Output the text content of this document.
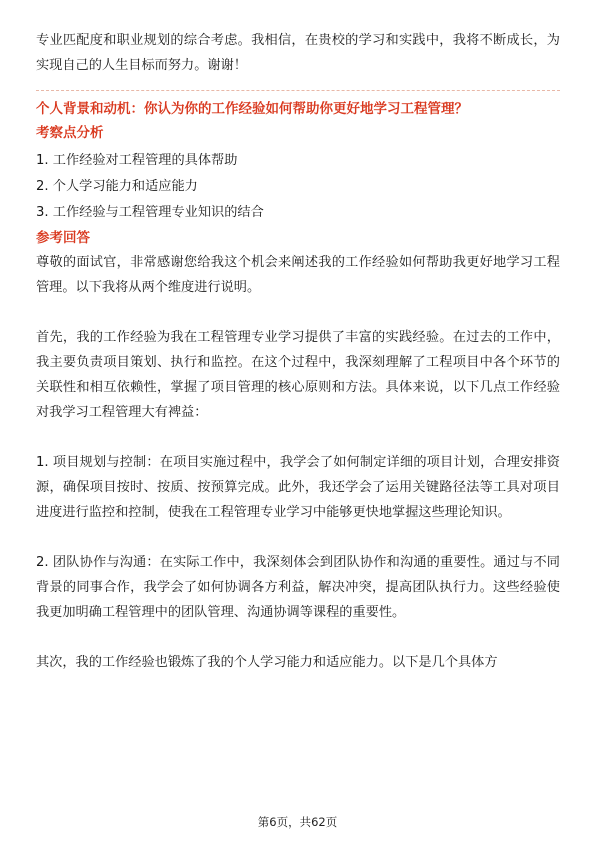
专业匹配度和职业规划的综合考虑。我相信，在贵校的学习和实践中，我将不断成长，为实现自己的人生目标而努力。谢谢！

个人背景和动机：你认为你的工作经验如何帮助你更好地学习工程管理？

考察点分析

1. 工作经验对工程管理的具体帮助

2. 个人学习能力和适应能力

3. 工作经验与工程管理专业知识的结合

参考回答

尊敬的面试官，非常感谢您给我这个机会来阐述我的工作经验如何帮助我更好地学习工程管理。以下我将从两个维度进行说明。

首先，我的工作经验为我在工程管理专业学习提供了丰富的实践经验。在过去的工作中，我主要负责项目策划、执行和监控。在这个过程中，我深刻理解了工程项目中各个环节的关联性和相互依赖性，掌握了项目管理的核心原则和方法。具体来说，以下几点工作经验对我学习工程管理大有裨益：

1. 项目规划与控制：在项目实施过程中，我学会了如何制定详细的项目计划，合理安排资源，确保项目按时、按质、按预算完成。此外，我还学会了运用关键路径法等工具对项目进度进行监控和控制，使我在工程管理专业学习中能够更快地掌握这些理论知识。

2. 团队协作与沟通：在实际工作中，我深刻体会到团队协作和沟通的重要性。通过与不同背景的同事合作，我学会了如何协调各方利益，解决冲突，提高团队执行力。这些经验使我更加明确工程管理中的团队管理、沟通协调等课程的重要性。

其次，我的工作经验也锻炼了我的个人学习能力和适应能力。以下是几个具体方

第6页，共62页
